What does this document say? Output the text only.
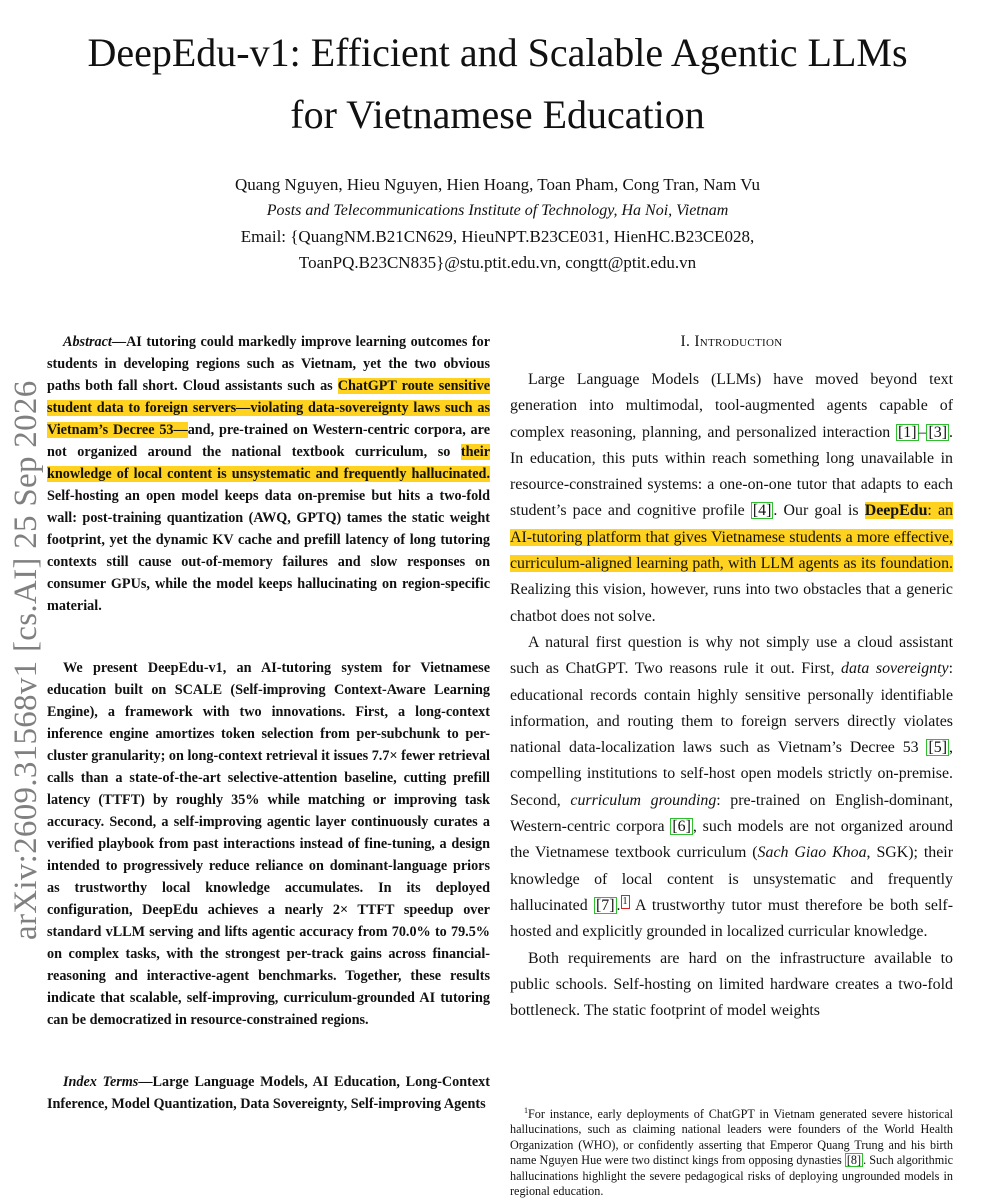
DeepEdu-v1: Efficient and Scalable Agentic LLMs
for Vietnamese Education
Quang Nguyen, Hieu Nguyen, Hien Hoang, Toan Pham, Cong Tran, Nam Vu
Posts and Telecommunications Institute of Technology, Ha Noi, Vietnam
Email: {QuangNM.B21CN629, HieuNPT.B23CE031, HienHC.B23CE028,
ToanPQ.B23CN835}@stu.ptit.edu.vn, congtt@ptit.edu.vn
arXiv:2609.31568v1 [cs.AI] 25 Sep 2026

Abstract—AI tutoring could markedly improve learning outcomes for students in developing regions such as Vietnam, yet the two obvious paths both fall short. Cloud assistants such as ChatGPT route sensitive student data to foreign servers—violating data-sovereignty laws such as Vietnam’s Decree 53—and, pre-trained on Western-centric corpora, are not organized around the national textbook curriculum, so their knowledge of local content is unsystematic and frequently hallucinated. Self-hosting an open model keeps data on-premise but hits a two-fold wall: post-training quantization (AWQ, GPTQ) tames the static weight footprint, yet the dynamic KV cache and prefill latency of long tutoring contexts still cause out-of-memory failures and slow responses on consumer GPUs, while the model keeps hallucinating on region-specific material.

We present DeepEdu-v1, an AI-tutoring system for Vietnamese education built on SCALE (Self-improving Context-Aware Learning Engine), a framework with two innovations. First, a long-context inference engine amortizes token selection from per-subchunk to per-cluster granularity; on long-context retrieval it issues 7.7× fewer retrieval calls than a state-of-the-art selective-attention baseline, cutting prefill latency (TTFT) by roughly 35% while matching or improving task accuracy. Second, a self-improving agentic layer continuously curates a verified playbook from past interactions instead of fine-tuning, a design intended to progressively reduce reliance on dominant-language priors as trustworthy local knowledge accumulates. In its deployed configuration, DeepEdu achieves a nearly 2× TTFT speedup over standard vLLM serving and lifts agentic accuracy from 70.0% to 79.5% on complex tasks, with the strongest per-track gains across financial-reasoning and interactive-agent benchmarks. Together, these results indicate that scalable, self-improving, curriculum-grounded AI tutoring can be democratized in resource-constrained regions.

Index Terms—Large Language Models, AI Education, Long-Context Inference, Model Quantization, Data Sovereignty, Self-improving Agents

I. Introduction

Large Language Models (LLMs) have moved beyond text generation into multimodal, tool-augmented agents capable of complex reasoning, planning, and personalized interaction [1] – [3] . In education, this puts within reach something long unavailable in resource-constrained systems: a one-on-one tutor that adapts to each student’s pace and cognitive profile [4] . Our goal is DeepEdu: an AI-tutoring platform that gives Vietnamese students a more effective, curriculum-aligned learning path, with LLM agents as its foundation. Realizing this vision, however, runs into two obstacles that a generic chatbot does not solve.

A natural first question is why not simply use a cloud assistant such as ChatGPT. Two reasons rule it out. First, data sovereignty: educational records contain highly sensitive personally identifiable information, and routing them to foreign servers directly violates national data-localization laws such as Vietnam’s Decree 53 [5] , compelling institutions to self-host open models strictly on-premise. Second, curriculum grounding: pre-trained on English-dominant, Western-centric corpora [6] , such models are not organized around the Vietnamese textbook curriculum (Sach Giao Khoa, SGK); their knowledge of local content is unsystematic and frequently hallucinated [7] . 1 A trustworthy tutor must therefore be both self-hosted and explicitly grounded in localized curricular knowledge.

Both requirements are hard on the infrastructure available to public schools. Self-hosting on limited hardware creates a two-fold bottleneck. The static footprint of model weights

$^1$For instance, early deployments of ChatGPT in Vietnam generated severe historical hallucinations, such as claiming national leaders were founders of the World Health Organization (WHO), or confidently asserting that Emperor Quang Trung and his birth name Nguyen Hue were two distinct kings from opposing dynasties [8] . Such algorithmic hallucinations highlight the severe pedagogical risks of deploying ungrounded models in regional education.
